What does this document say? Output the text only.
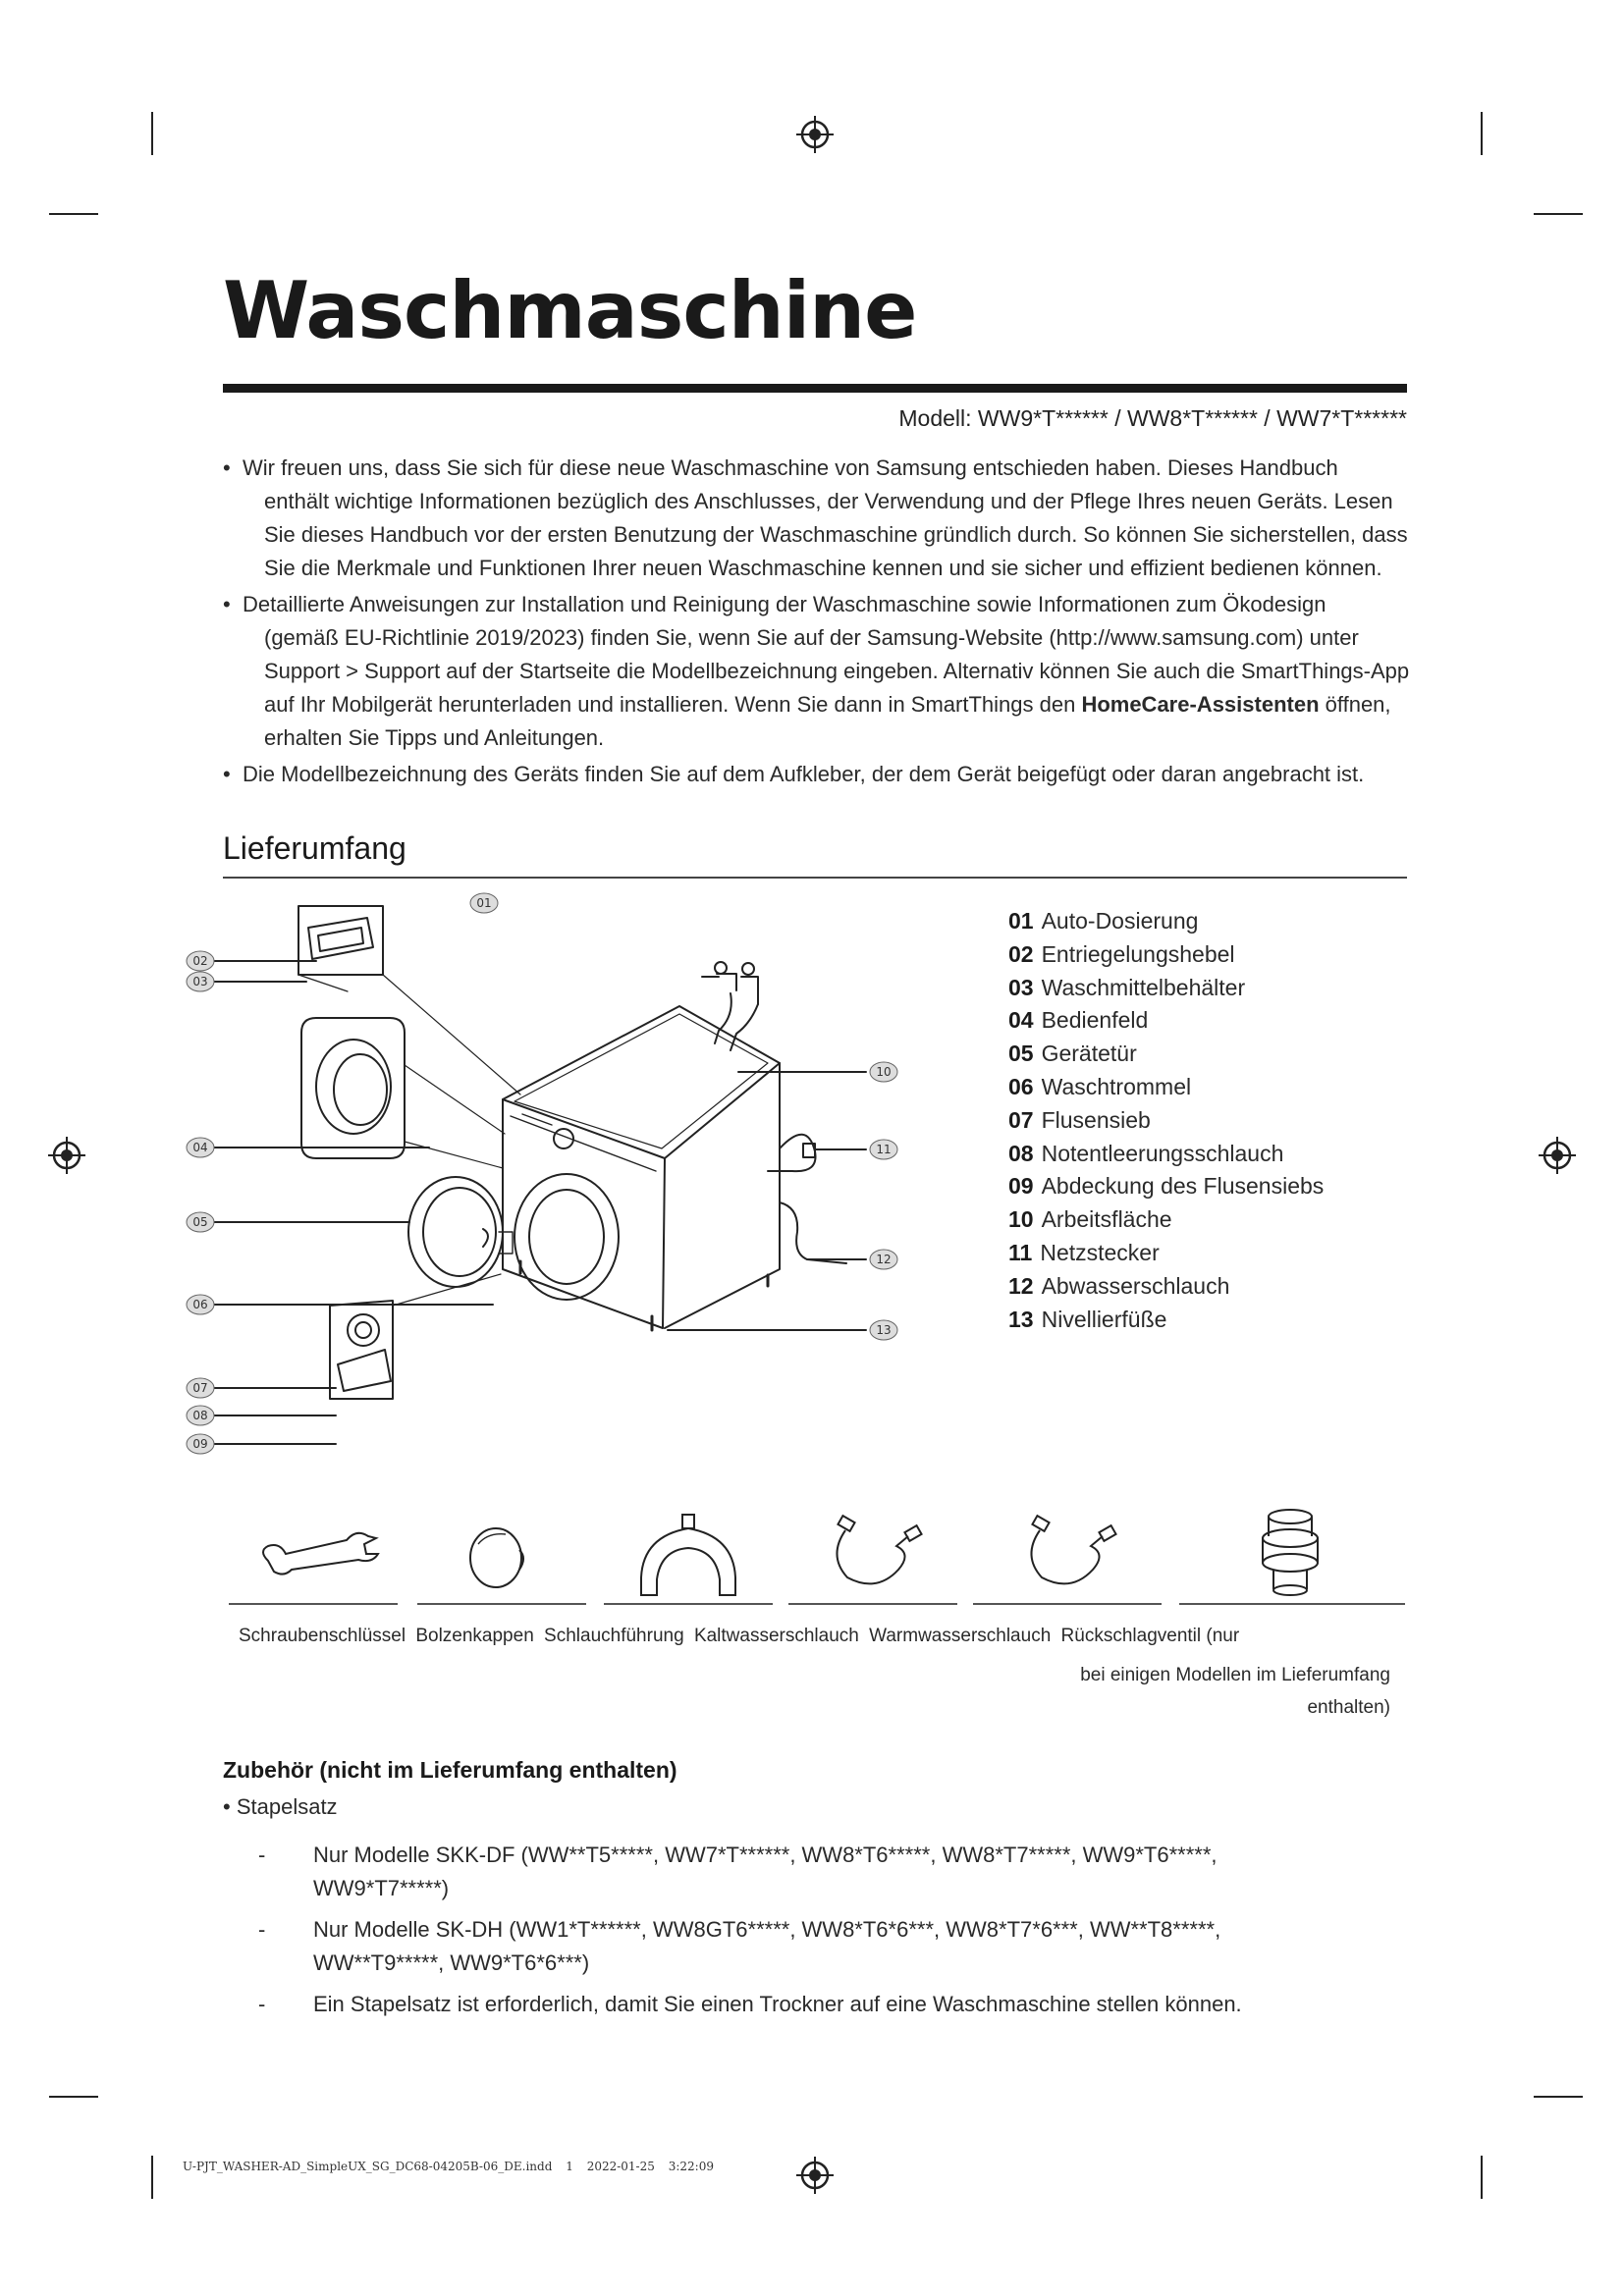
Waschmaschine
Modell: WW9*T****** / WW8*T****** / WW7*T******
• Wir freuen uns, dass Sie sich für diese neue Waschmaschine von Samsung entschieden haben. Dieses Handbuch
enthält wichtige Informationen bezüglich des Anschlusses, der Verwendung und der Pflege Ihres neuen Geräts. Lesen Sie dieses Handbuch vor der ersten Benutzung der Waschmaschine gründlich durch. So können Sie sicherstellen, dass Sie die Merkmale und Funktionen Ihrer neuen Waschmaschine kennen und sie sicher und effizient bedienen können.
• Detaillierte Anweisungen zur Installation und Reinigung der Waschmaschine sowie Informationen zum Ökodesign
(gemäß EU-Richtlinie 2019/2023) finden Sie, wenn Sie auf der Samsung-Website (http://www.samsung.com) unter Support > Support auf der Startseite die Modellbezeichnung eingeben. Alternativ können Sie auch die SmartThings-App auf Ihr Mobilgerät herunterladen und installieren. Wenn Sie dann in SmartThings den HomeCare-Assistenten öffnen, erhalten Sie Tipps und Anleitungen.
• Die Modellbezeichnung des Geräts finden Sie auf dem Aufkleber, der dem Gerät beigefügt oder daran angebracht ist.
Lieferumfang
01
02
03
04
05
06
07
08
09
10
11
12
13
01 Auto-Dosierung
02 Entriegelungshebel
03 Waschmittelbehälter
04 Bedienfeld
05 Gerätetür
06 Waschtrommel
07 Flusensieb
08 Notentleerungsschlauch
09 Abdeckung des Flusensiebs
10 Arbeitsfläche
11 Netzstecker
12 Abwasserschlauch
13 Nivellierfüße
Schraubenschlüssel Bolzenkappen Schlauchführung Kaltwasserschlauch Warmwasserschlauch Rückschlagventil (nur
bei einigen Modellen im Lieferumfang enthalten)
Zubehör (nicht im Lieferumfang enthalten)
• Stapelsatz
- Nur Modelle SKK-DF (WW**T5*****, WW7*T******, WW8*T6*****, WW8*T7*****, WW9*T6*****, WW9*T7*****)
- Nur Modelle SK-DH (WW1*T******, WW8GT6*****, WW8*T6*6***, WW8*T7*6***, WW**T8*****, WW**T9*****, WW9*T6*6***)
- Ein Stapelsatz ist erforderlich, damit Sie einen Trockner auf eine Waschmaschine stellen können.
U-PJT_WASHER-AD_SimpleUX_SG_DC68-04205B-06_DE.indd 1 2022-01-25 3:22:09
